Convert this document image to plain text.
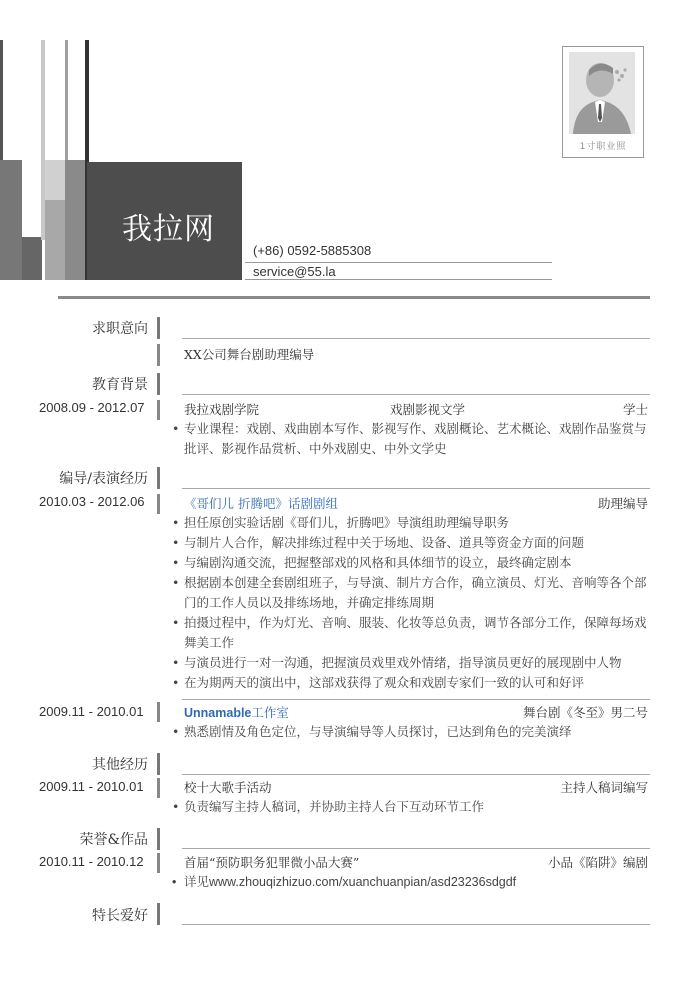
我拉网
(+86) 0592-5885308
service@55.la
1寸职业照
求职意向
XX公司舞台剧助理编导
教育背景
2008.09 - 2012.07	我拉戏剧学院	戏剧影视文学	学士
• 专业课程：戏剧、戏曲剧本写作、影视写作、戏剧概论、艺术概论、戏剧作品鉴赏与批评、影视作品赏析、中外戏剧史、中外文学史
编导/表演经历
2010.03 - 2012.06	《哥们儿 折腾吧》话剧剧组	助理编导
• 担任原创实验话剧《哥们儿，折腾吧》导演组助理编导职务
• 与制片人合作，解决排练过程中关于场地、设备、道具等资金方面的问题
• 与编剧沟通交流，把握整部戏的风格和具体细节的设立，最终确定剧本
• 根据剧本创建全套剧组班子，与导演、制片方合作，确立演员、灯光、音响等各个部门的工作人员以及排练场地，并确定排练周期
• 拍摄过程中，作为灯光、音响、服装、化妆等总负责，调节各部分工作，保障每场戏舞美工作
• 与演员进行一对一沟通，把握演员戏里戏外情绪，指导演员更好的展现剧中人物
• 在为期两天的演出中，这部戏获得了观众和戏剧专家们一致的认可和好评
2009.11 - 2010.01	Unnamable工作室	舞台剧《冬至》男二号
• 熟悉剧情及角色定位，与导演编导等人员探讨，已达到角色的完美演绎
其他经历
2009.11 - 2010.01	校十大歌手活动	主持人稿词编写
• 负责编写主持人稿词，并协助主持人台下互动环节工作
荣誉&作品
2010.11 - 2010.12	首届“预防职务犯罪微小品大赛”	小品《陷阱》编剧
• 详见www.zhouqizhizuo.com/xuanchuanpian/asd23236sdgdf
特长爱好
